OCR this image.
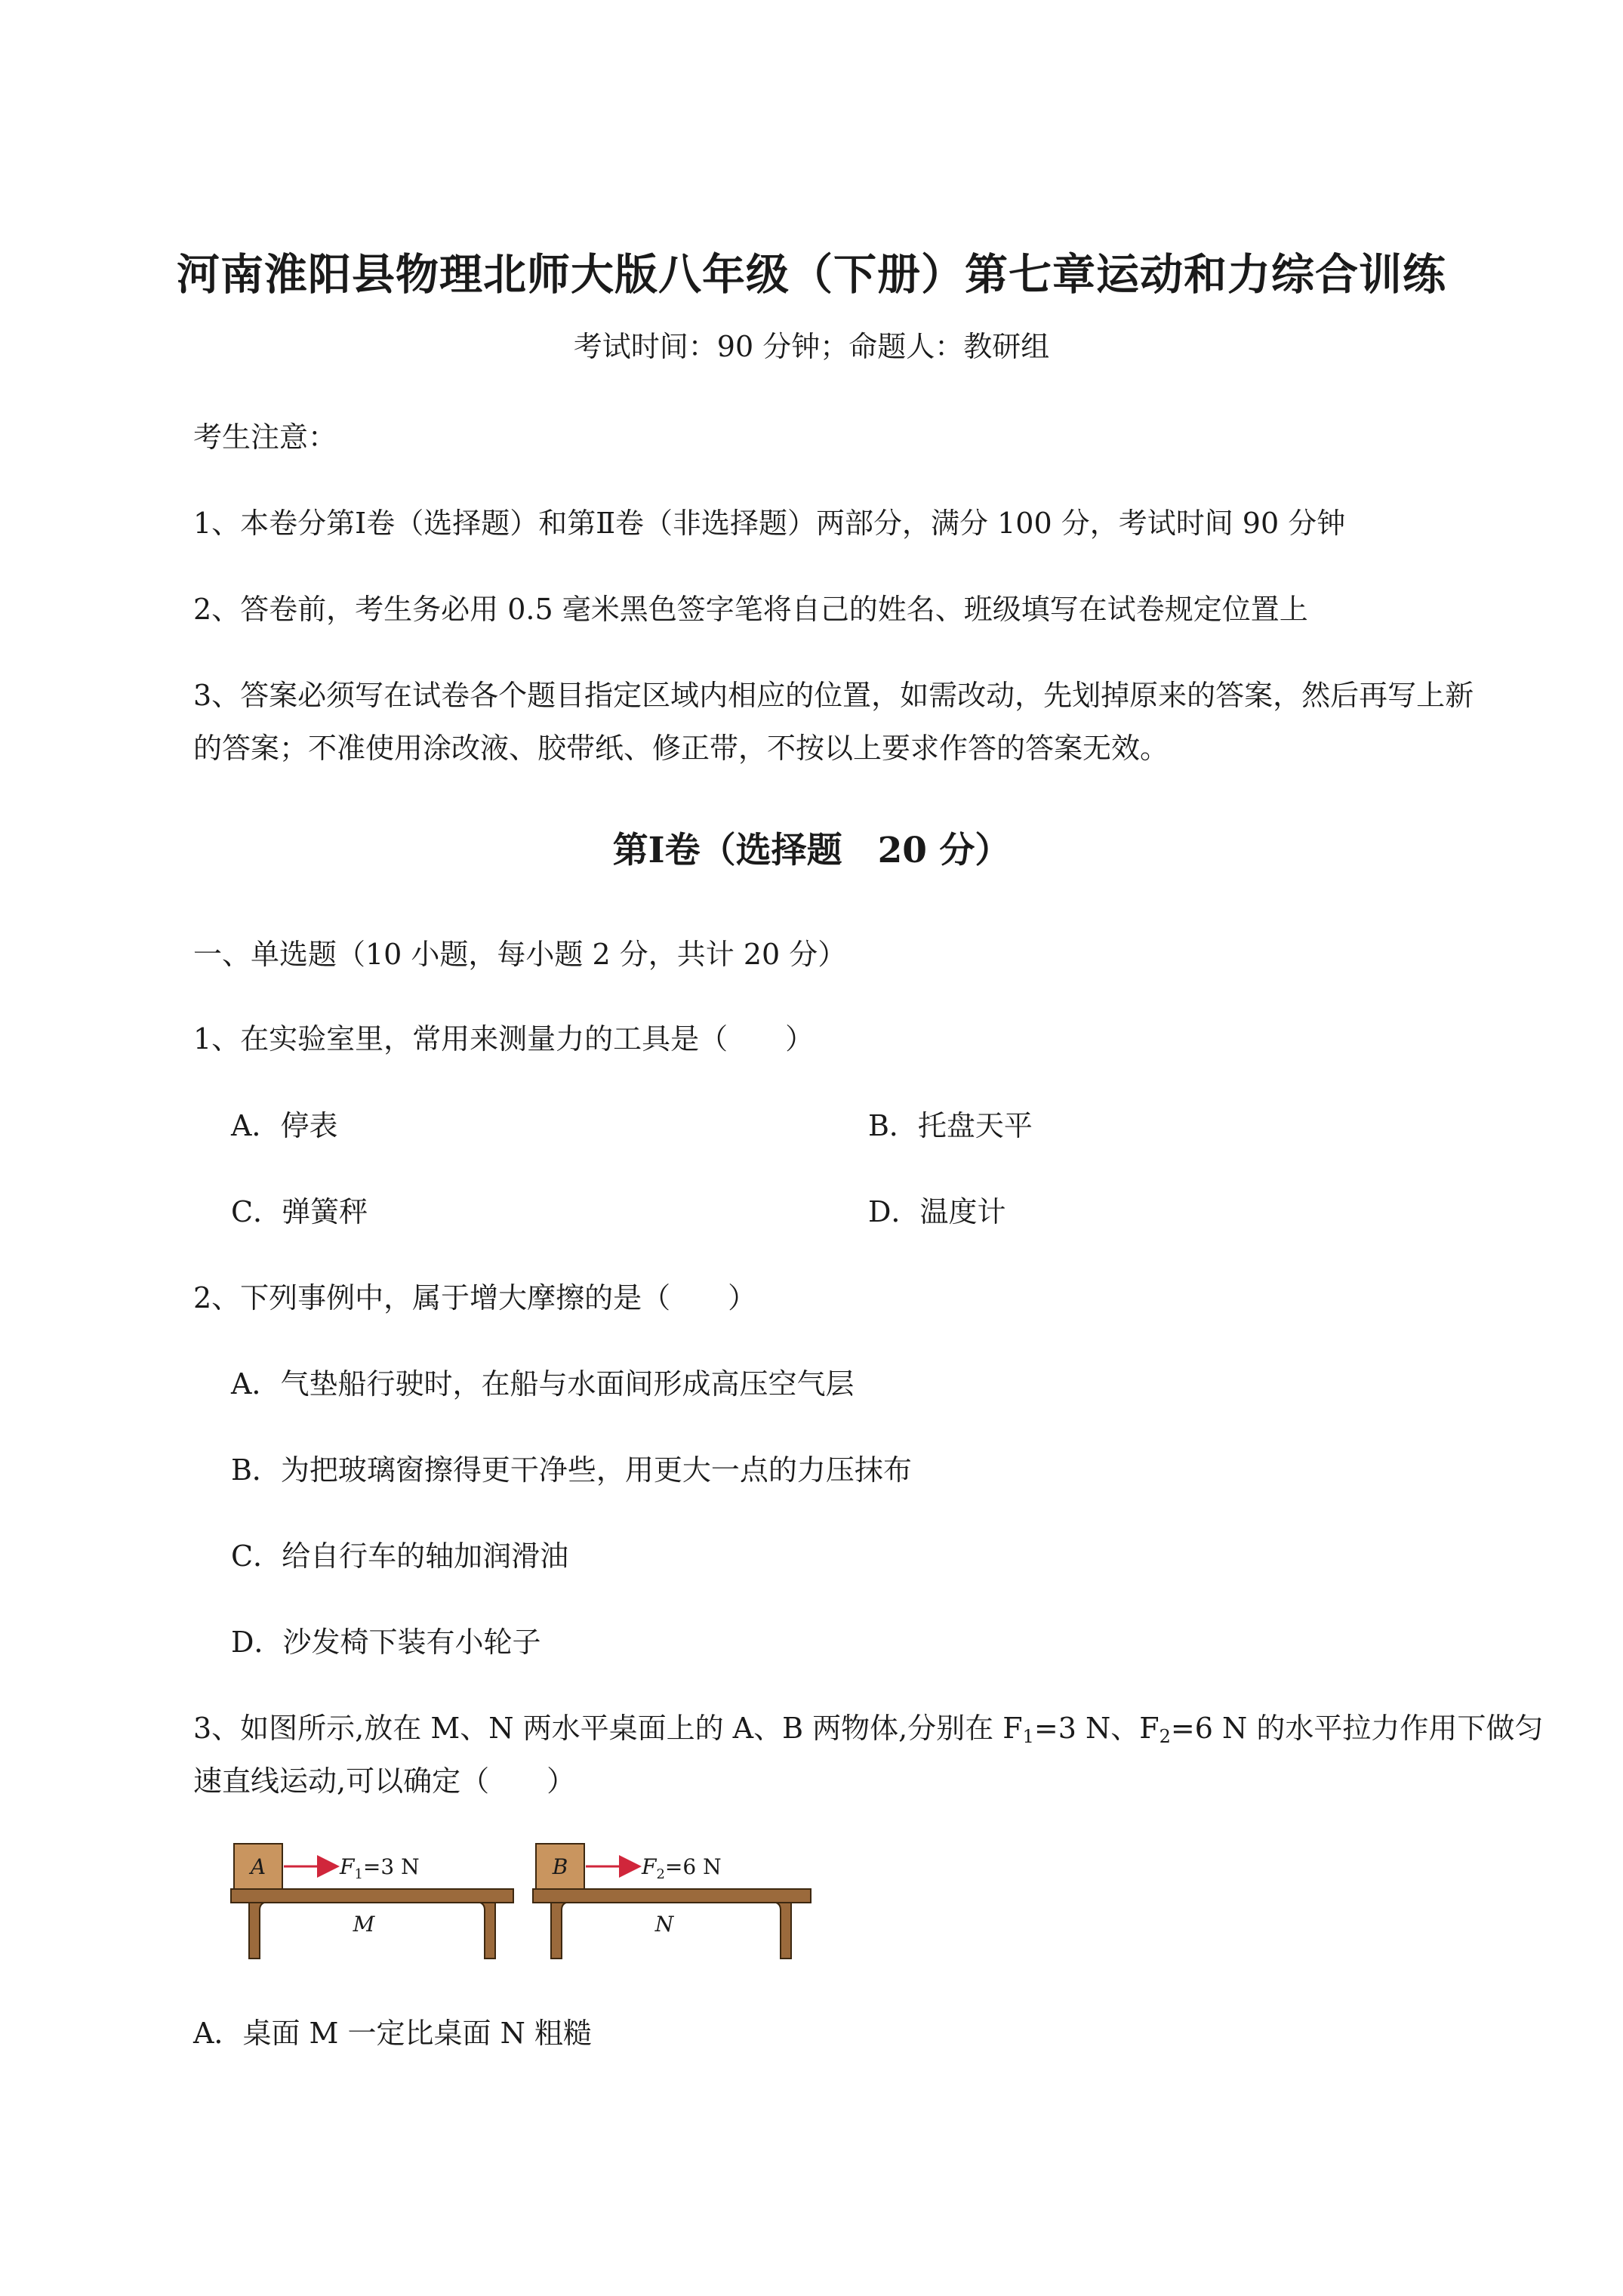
河南淮阳县物理北师大版八年级（下册）第七章运动和力综合训练
考试时间：90 分钟；命题人：教研组
考生注意：
1、本卷分第Ⅰ卷（选择题）和第Ⅱ卷（非选择题）两部分，满分 100 分，考试时间 90 分钟
2、答卷前，考生务必用 0.5 毫米黑色签字笔将自己的姓名、班级填写在试卷规定位置上
3、答案必须写在试卷各个题目指定区域内相应的位置，如需改动，先划掉原来的答案，然后再写上新
的答案；不准使用涂改液、胶带纸、修正带，不按以上要求作答的答案无效。
第Ⅰ卷（选择题　20 分）
一、单选题（10 小题，每小题 2 分，共计 20 分）
1、在实验室里，常用来测量力的工具是（　　）
A．停表	B．托盘天平
C．弹簧秤	D．温度计
2、下列事例中，属于增大摩擦的是（　　）
A．气垫船行驶时，在船与水面间形成高压空气层
B．为把玻璃窗擦得更干净些，用更大一点的力压抹布
C．给自行车的轴加润滑油
D．沙发椅下装有小轮子
3、如图所示,放在 M、N 两水平桌面上的 A、B 两物体,分别在 $F_1=3$ N、$F_2=6$ N 的水平拉力作用下做匀
速直线运动,可以确定（　　）
A	$F_1=3$ N
M
B	$F_2=6$ N
N
A．桌面 M 一定比桌面 N 粗糙
